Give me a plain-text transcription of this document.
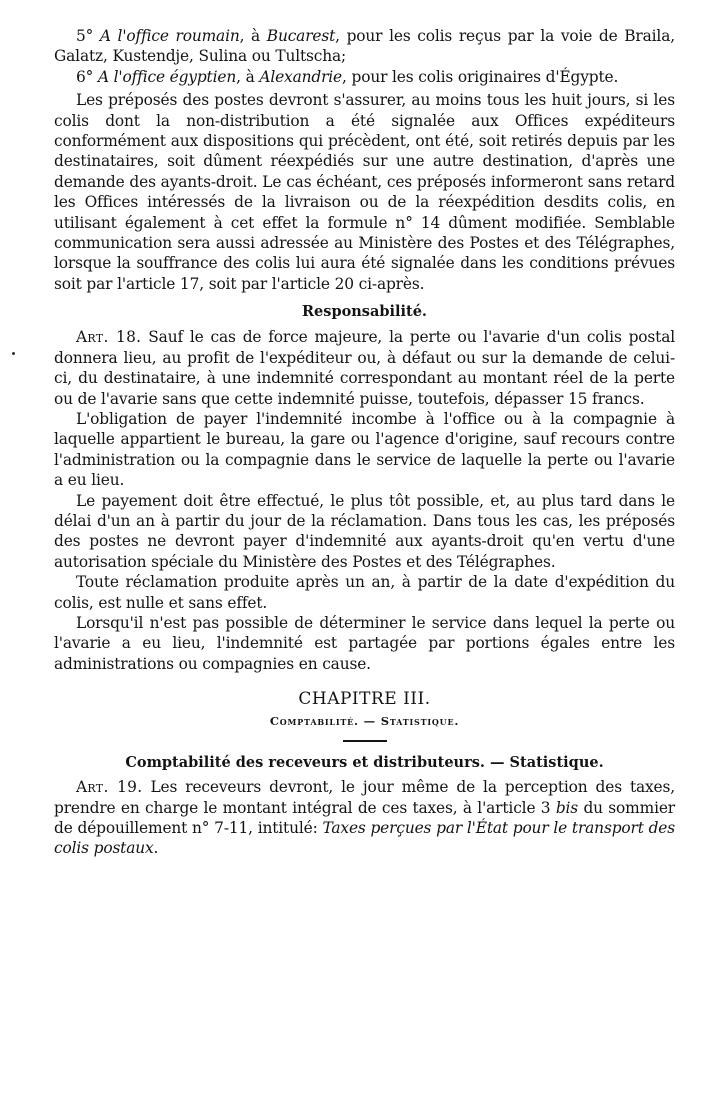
5° A l'office roumain, à Bucarest, pour les colis reçus par la voie de Braila, Galatz, Kustendje, Sulina ou Tultscha;

6° A l'office égyptien, à Alexandrie, pour les colis originaires d'Égypte.

Les préposés des postes devront s'assurer, au moins tous les huit jours, si les colis dont la non-distribution a été signalée aux Offices expéditeurs conformément aux dispositions qui précèdent, ont été, soit retirés depuis par les destinataires, soit dûment réexpédiés sur une autre destination, d'après une demande des ayants-droit. Le cas échéant, ces préposés informeront sans retard les Offices intéressés de la livraison ou de la réexpédition desdits colis, en utilisant également à cet effet la formule n° 14 dûment modifiée. Semblable communication sera aussi adressée au Ministère des Postes et des Télégraphes, lorsque la souffrance des colis lui aura été signalée dans les conditions prévues soit par l'article 17, soit par l'article 20 ci-après.

Responsabilité.

Art. 18. Sauf le cas de force majeure, la perte ou l'avarie d'un colis postal donnera lieu, au profit de l'expéditeur ou, à défaut ou sur la demande de celui-ci, du destinataire, à une indemnité correspondant au montant réel de la perte ou de l'avarie sans que cette indemnité puisse, toutefois, dépasser 15 francs.

L'obligation de payer l'indemnité incombe à l'office ou à la compagnie à laquelle appartient le bureau, la gare ou l'agence d'origine, sauf recours contre l'administration ou la compagnie dans le service de laquelle la perte ou l'avarie a eu lieu.

Le payement doit être effectué, le plus tôt possible, et, au plus tard dans le délai d'un an à partir du jour de la réclamation. Dans tous les cas, les préposés des postes ne devront payer d'indemnité aux ayants-droit qu'en vertu d'une autorisation spéciale du Ministère des Postes et des Télégraphes.

Toute réclamation produite après un an, à partir de la date d'expédition du colis, est nulle et sans effet.

Lorsqu'il n'est pas possible de déterminer le service dans lequel la perte ou l'avarie a eu lieu, l'indemnité est partagée par portions égales entre les administrations ou compagnies en cause.

CHAPITRE III.
Comptabilité. — Statistique.
Comptabilité des receveurs et distributeurs. — Statistique.

Art. 19. Les receveurs devront, le jour même de la perception des taxes, prendre en charge le montant intégral de ces taxes, à l'article 3 bis du sommier de dépouillement n° 7-11, intitulé: Taxes perçues par l'État pour le transport des colis postaux.
